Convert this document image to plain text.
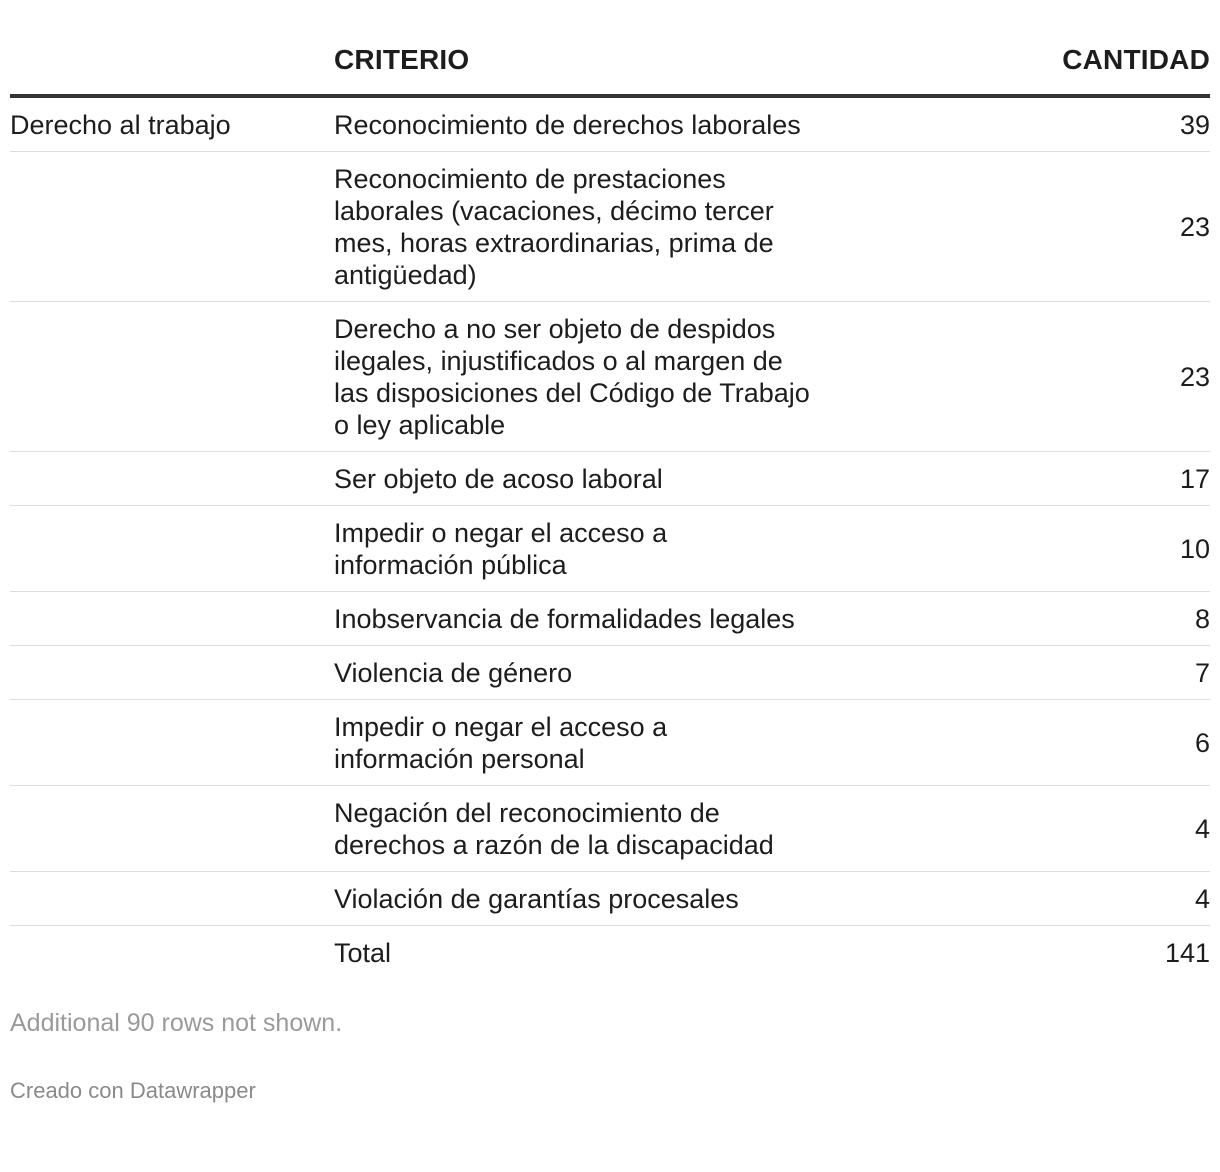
	CRITERIO	CANTIDAD
Derecho al trabajo	Reconocimiento de derechos laborales	39
	Reconocimiento de prestaciones laborales (vacaciones, décimo tercer mes, horas extraordinarias, prima de antigüedad)	23
	Derecho a no ser objeto de despidos ilegales, injustificados o al margen de las disposiciones del Código de Trabajo o ley aplicable	23
	Ser objeto de acoso laboral	17
	Impedir o negar el acceso a información pública	10
	Inobservancia de formalidades legales	8
	Violencia de género	7
	Impedir o negar el acceso a información personal	6
	Negación del reconocimiento de derechos a razón de la discapacidad	4
	Violación de garantías procesales	4
	Total	141
Additional 90 rows not shown.
Creado con Datawrapper
